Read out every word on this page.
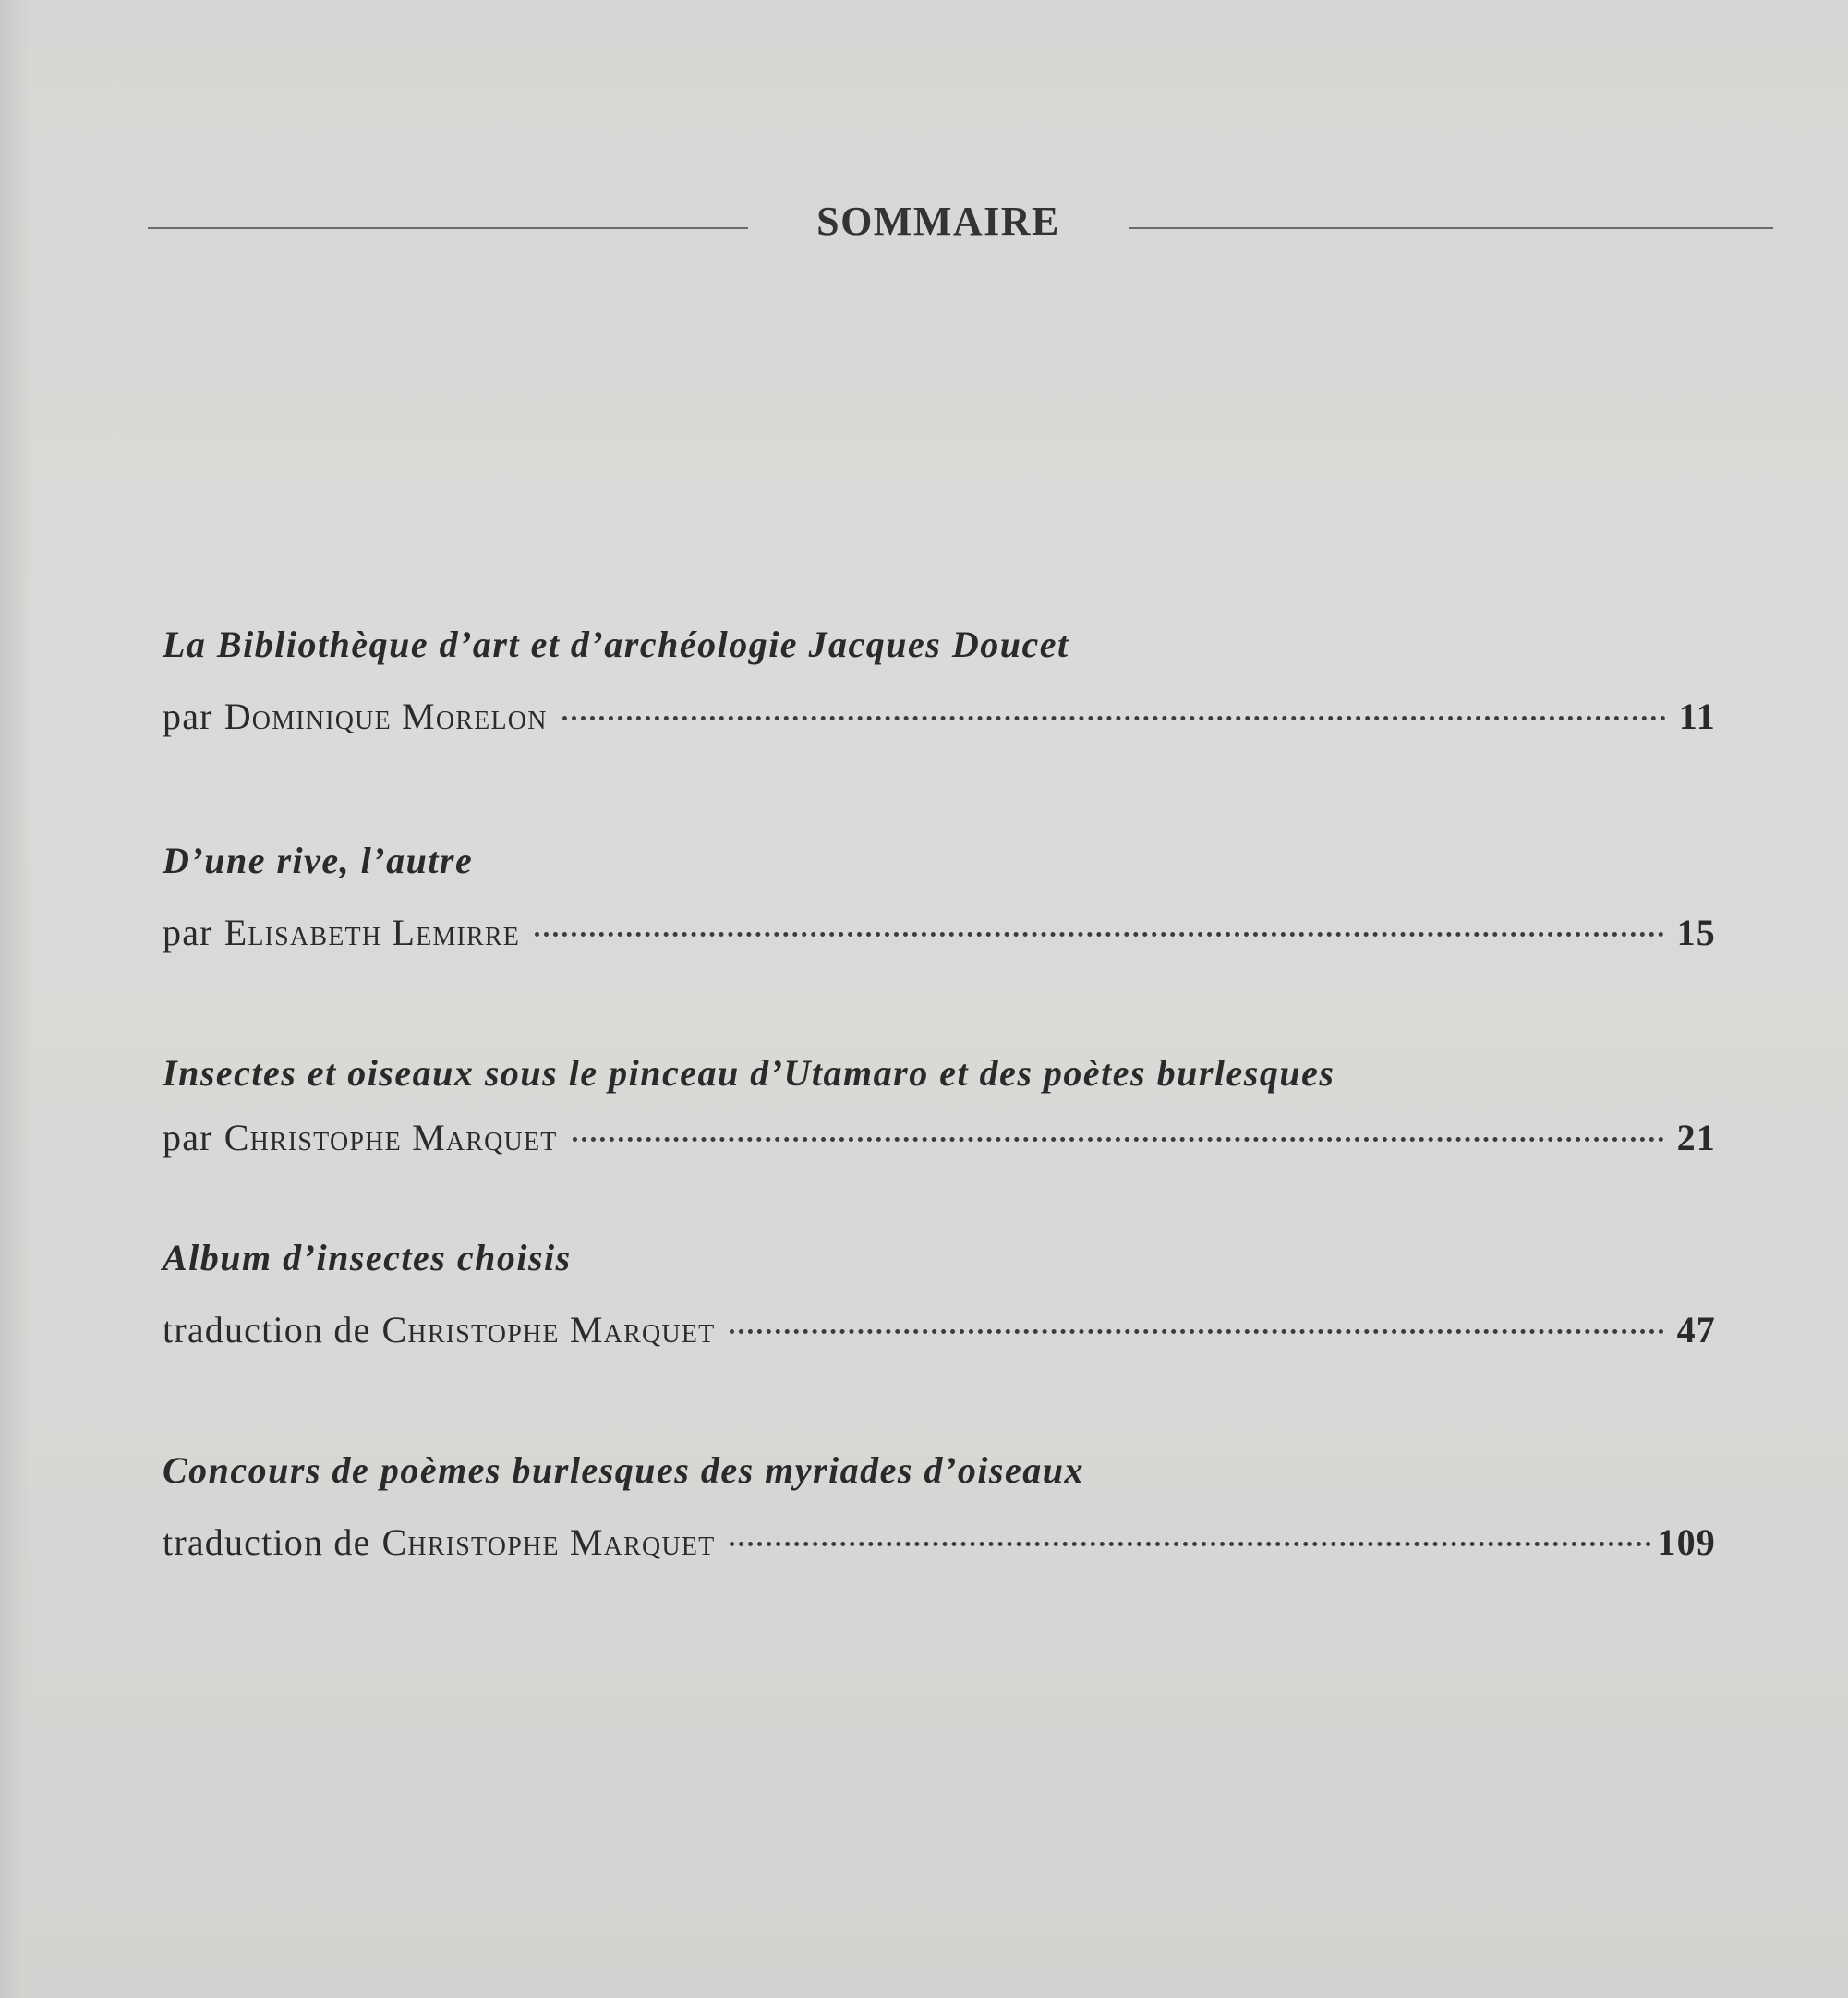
SOMMAIRE
La Bibliothèque d’art et d’archéologie Jacques Doucet
par Dominique Morelon	11
D’une rive, l’autre
par Elisabeth Lemirre	15
Insectes et oiseaux sous le pinceau d’Utamaro et des poètes burlesques
par Christophe Marquet	21
Album d’insectes choisis
traduction de Christophe Marquet	47
Concours de poèmes burlesques des myriades d’oiseaux
traduction de Christophe Marquet	109
